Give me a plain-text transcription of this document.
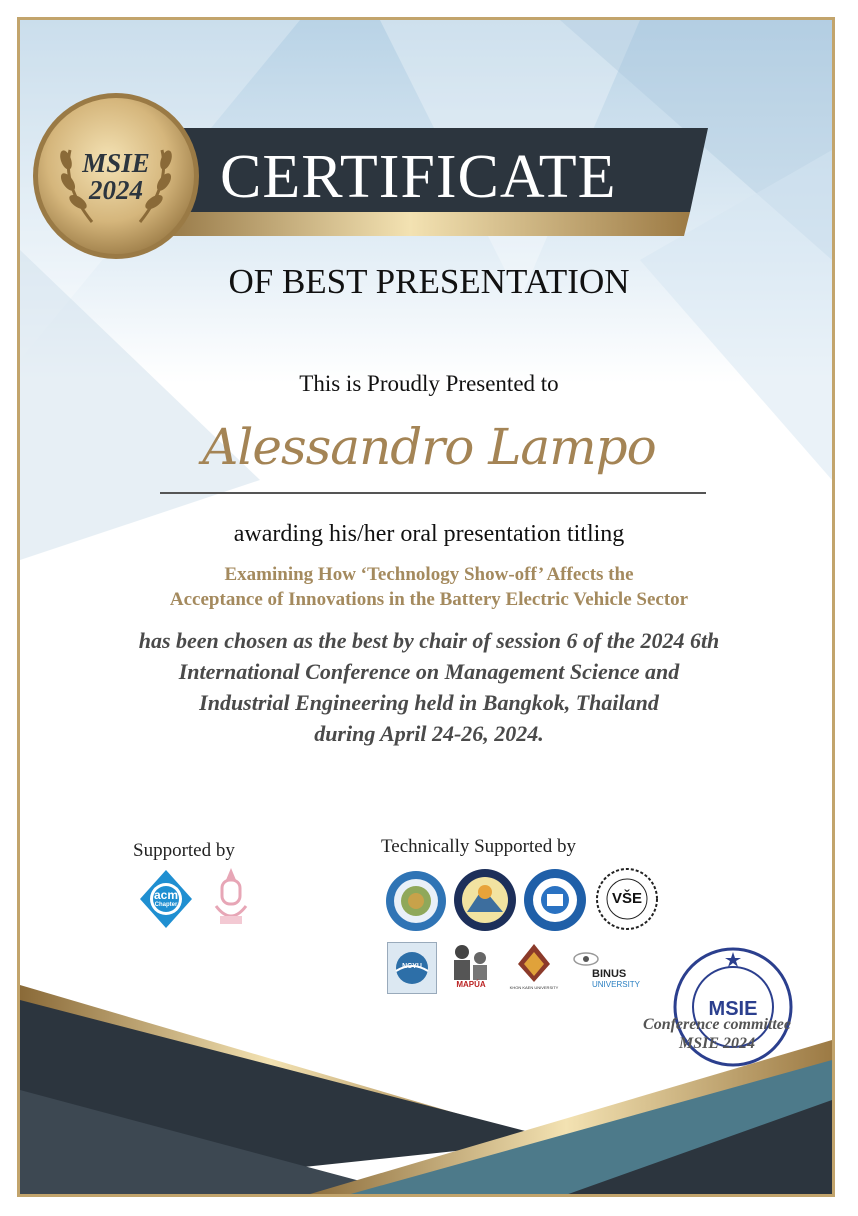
MSIE
2024	CERTIFICATE
OF BEST PRESENTATION
This is Proudly Presented to
Alessandro Lampo
awarding his/her oral presentation titling
Examining How ‘Technology Show-off’ Affects the
Acceptance of Innovations in the Battery Electric Vehicle Sector
has been chosen as the best by chair of session 6 of the 2024 6th
International Conference on Management Science and
Industrial Engineering held in Bangkok, Thailand
during April 24-26, 2024.
Supported by	Technically Supported by
acm
Chapter	VŠE
NCYU
MAPÚA	KHON KAEN UNIVERSITY
BINUS
UNIVERSITY
MSIE
Conference committee
MSIE 2024
